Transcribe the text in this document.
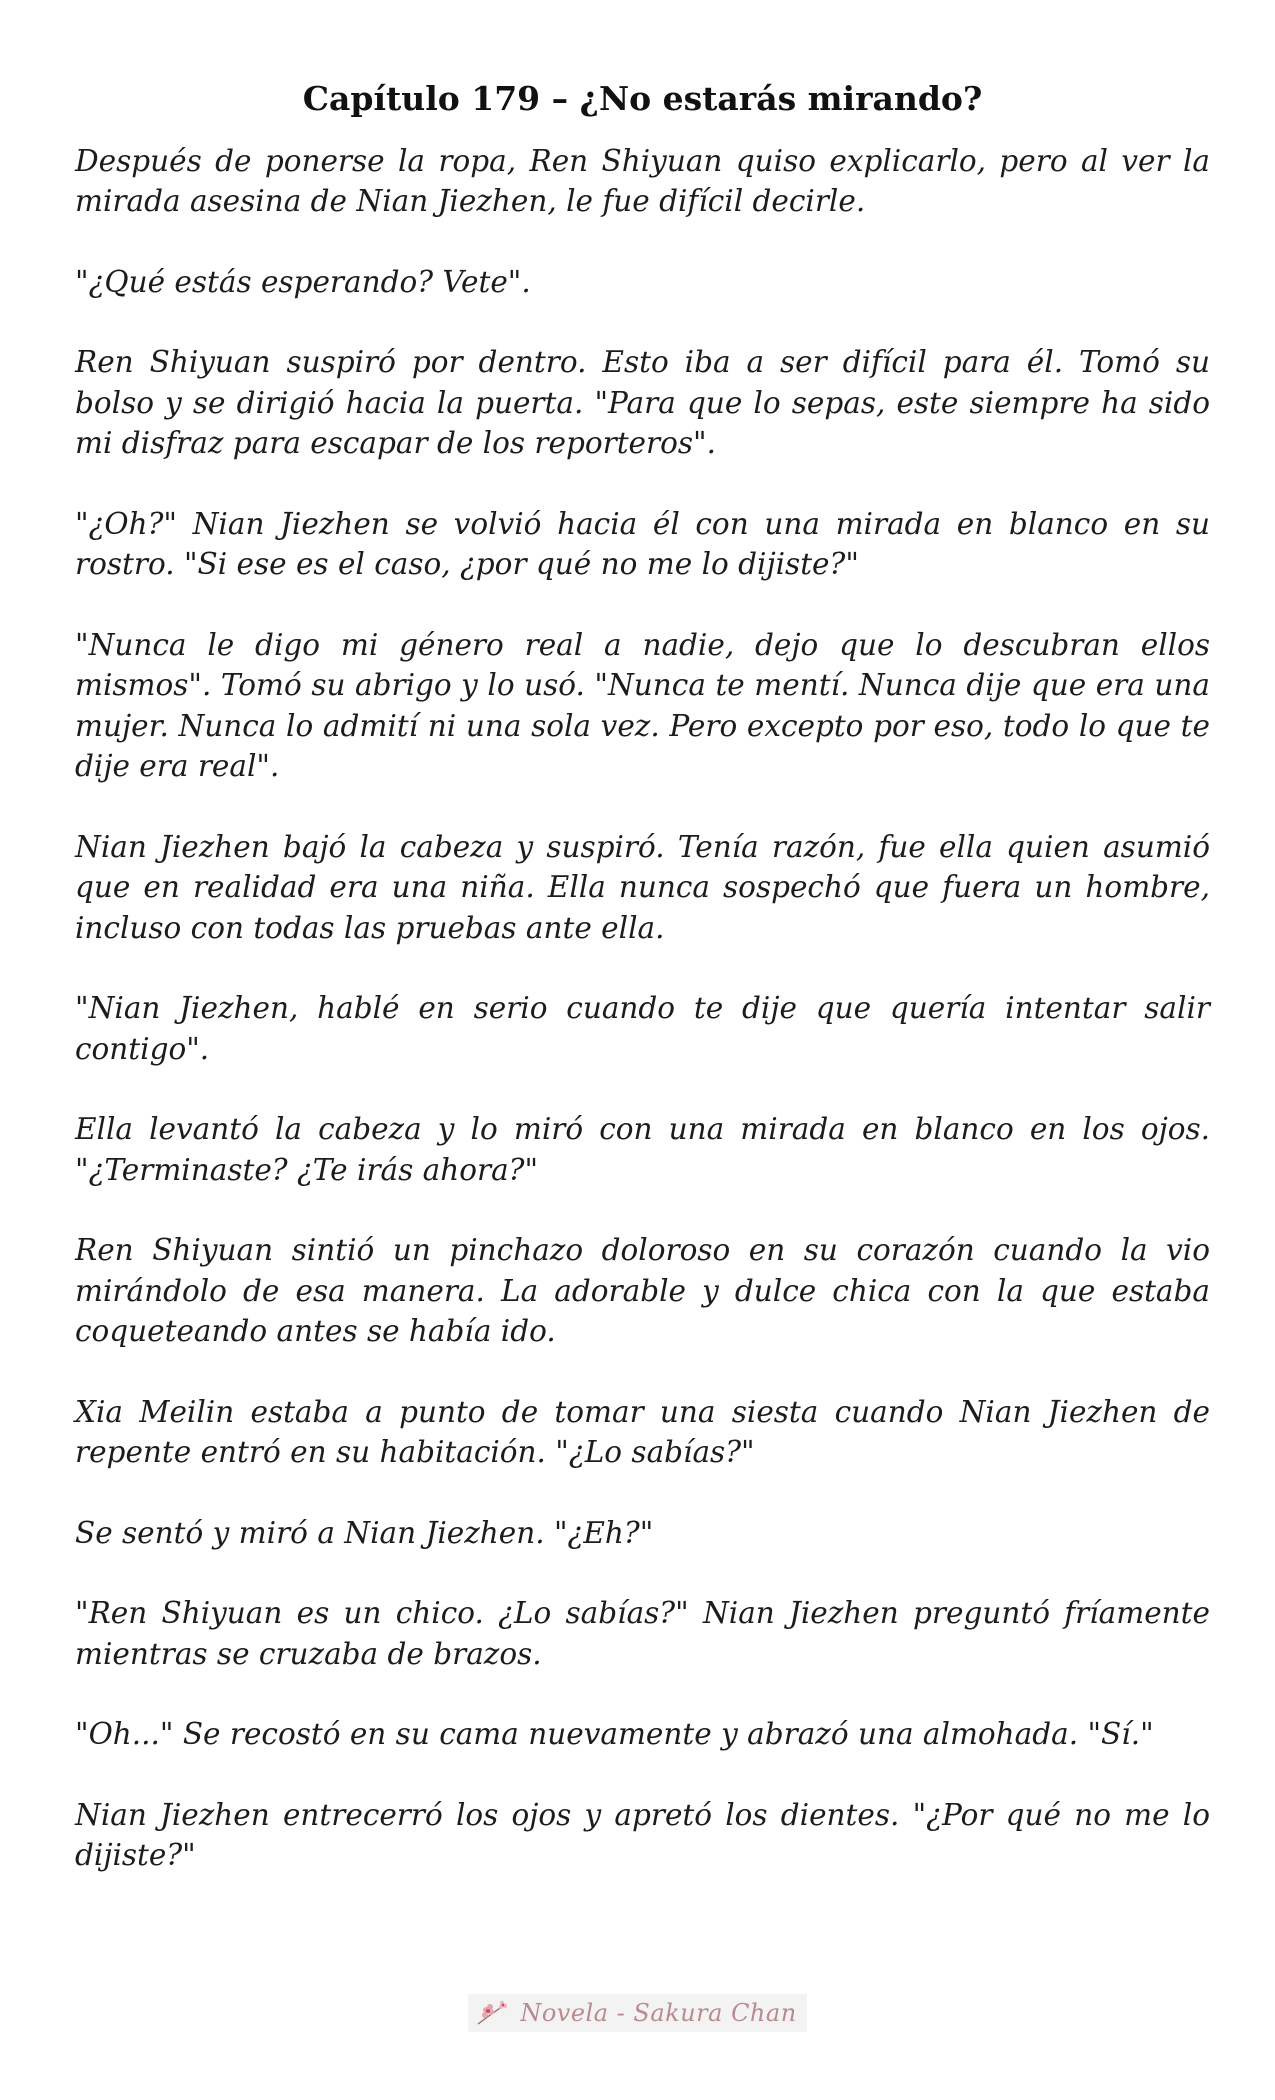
Capítulo 179 – ¿No estarás mirando?

Después de ponerse la ropa, Ren Shiyuan quiso explicarlo, pero al ver la mirada asesina de Nian Jiezhen, le fue difícil decirle.

"¿Qué estás esperando? Vete".

Ren Shiyuan suspiró por dentro. Esto iba a ser difícil para él. Tomó su bolso y se dirigió hacia la puerta. "Para que lo sepas, este siempre ha sido mi disfraz para escapar de los reporteros".

"¿Oh?" Nian Jiezhen se volvió hacia él con una mirada en blanco en su rostro. "Si ese es el caso, ¿por qué no me lo dijiste?"

"Nunca le digo mi género real a nadie, dejo que lo descubran ellos mismos". Tomó su abrigo y lo usó. "Nunca te mentí. Nunca dije que era una mujer. Nunca lo admití ni una sola vez. Pero excepto por eso, todo lo que te dije era real".

Nian Jiezhen bajó la cabeza y suspiró. Tenía razón, fue ella quien asumió que en realidad era una niña. Ella nunca sospechó que fuera un hombre, incluso con todas las pruebas ante ella.

"Nian Jiezhen, hablé en serio cuando te dije que quería intentar salir contigo".

Ella levantó la cabeza y lo miró con una mirada en blanco en los ojos. "¿Terminaste? ¿Te irás ahora?"

Ren Shiyuan sintió un pinchazo doloroso en su corazón cuando la vio mirándolo de esa manera. La adorable y dulce chica con la que estaba coqueteando antes se había ido.

Xia Meilin estaba a punto de tomar una siesta cuando Nian Jiezhen de repente entró en su habitación. "¿Lo sabías?"

Se sentó y miró a Nian Jiezhen. "¿Eh?"

"Ren Shiyuan es un chico. ¿Lo sabías?" Nian Jiezhen preguntó fríamente mientras se cruzaba de brazos.

"Oh..." Se recostó en su cama nuevamente y abrazó una almohada. "Sí."

Nian Jiezhen entrecerró los ojos y apretó los dientes. "¿Por qué no me lo dijiste?"

Novela - Sakura Chan
